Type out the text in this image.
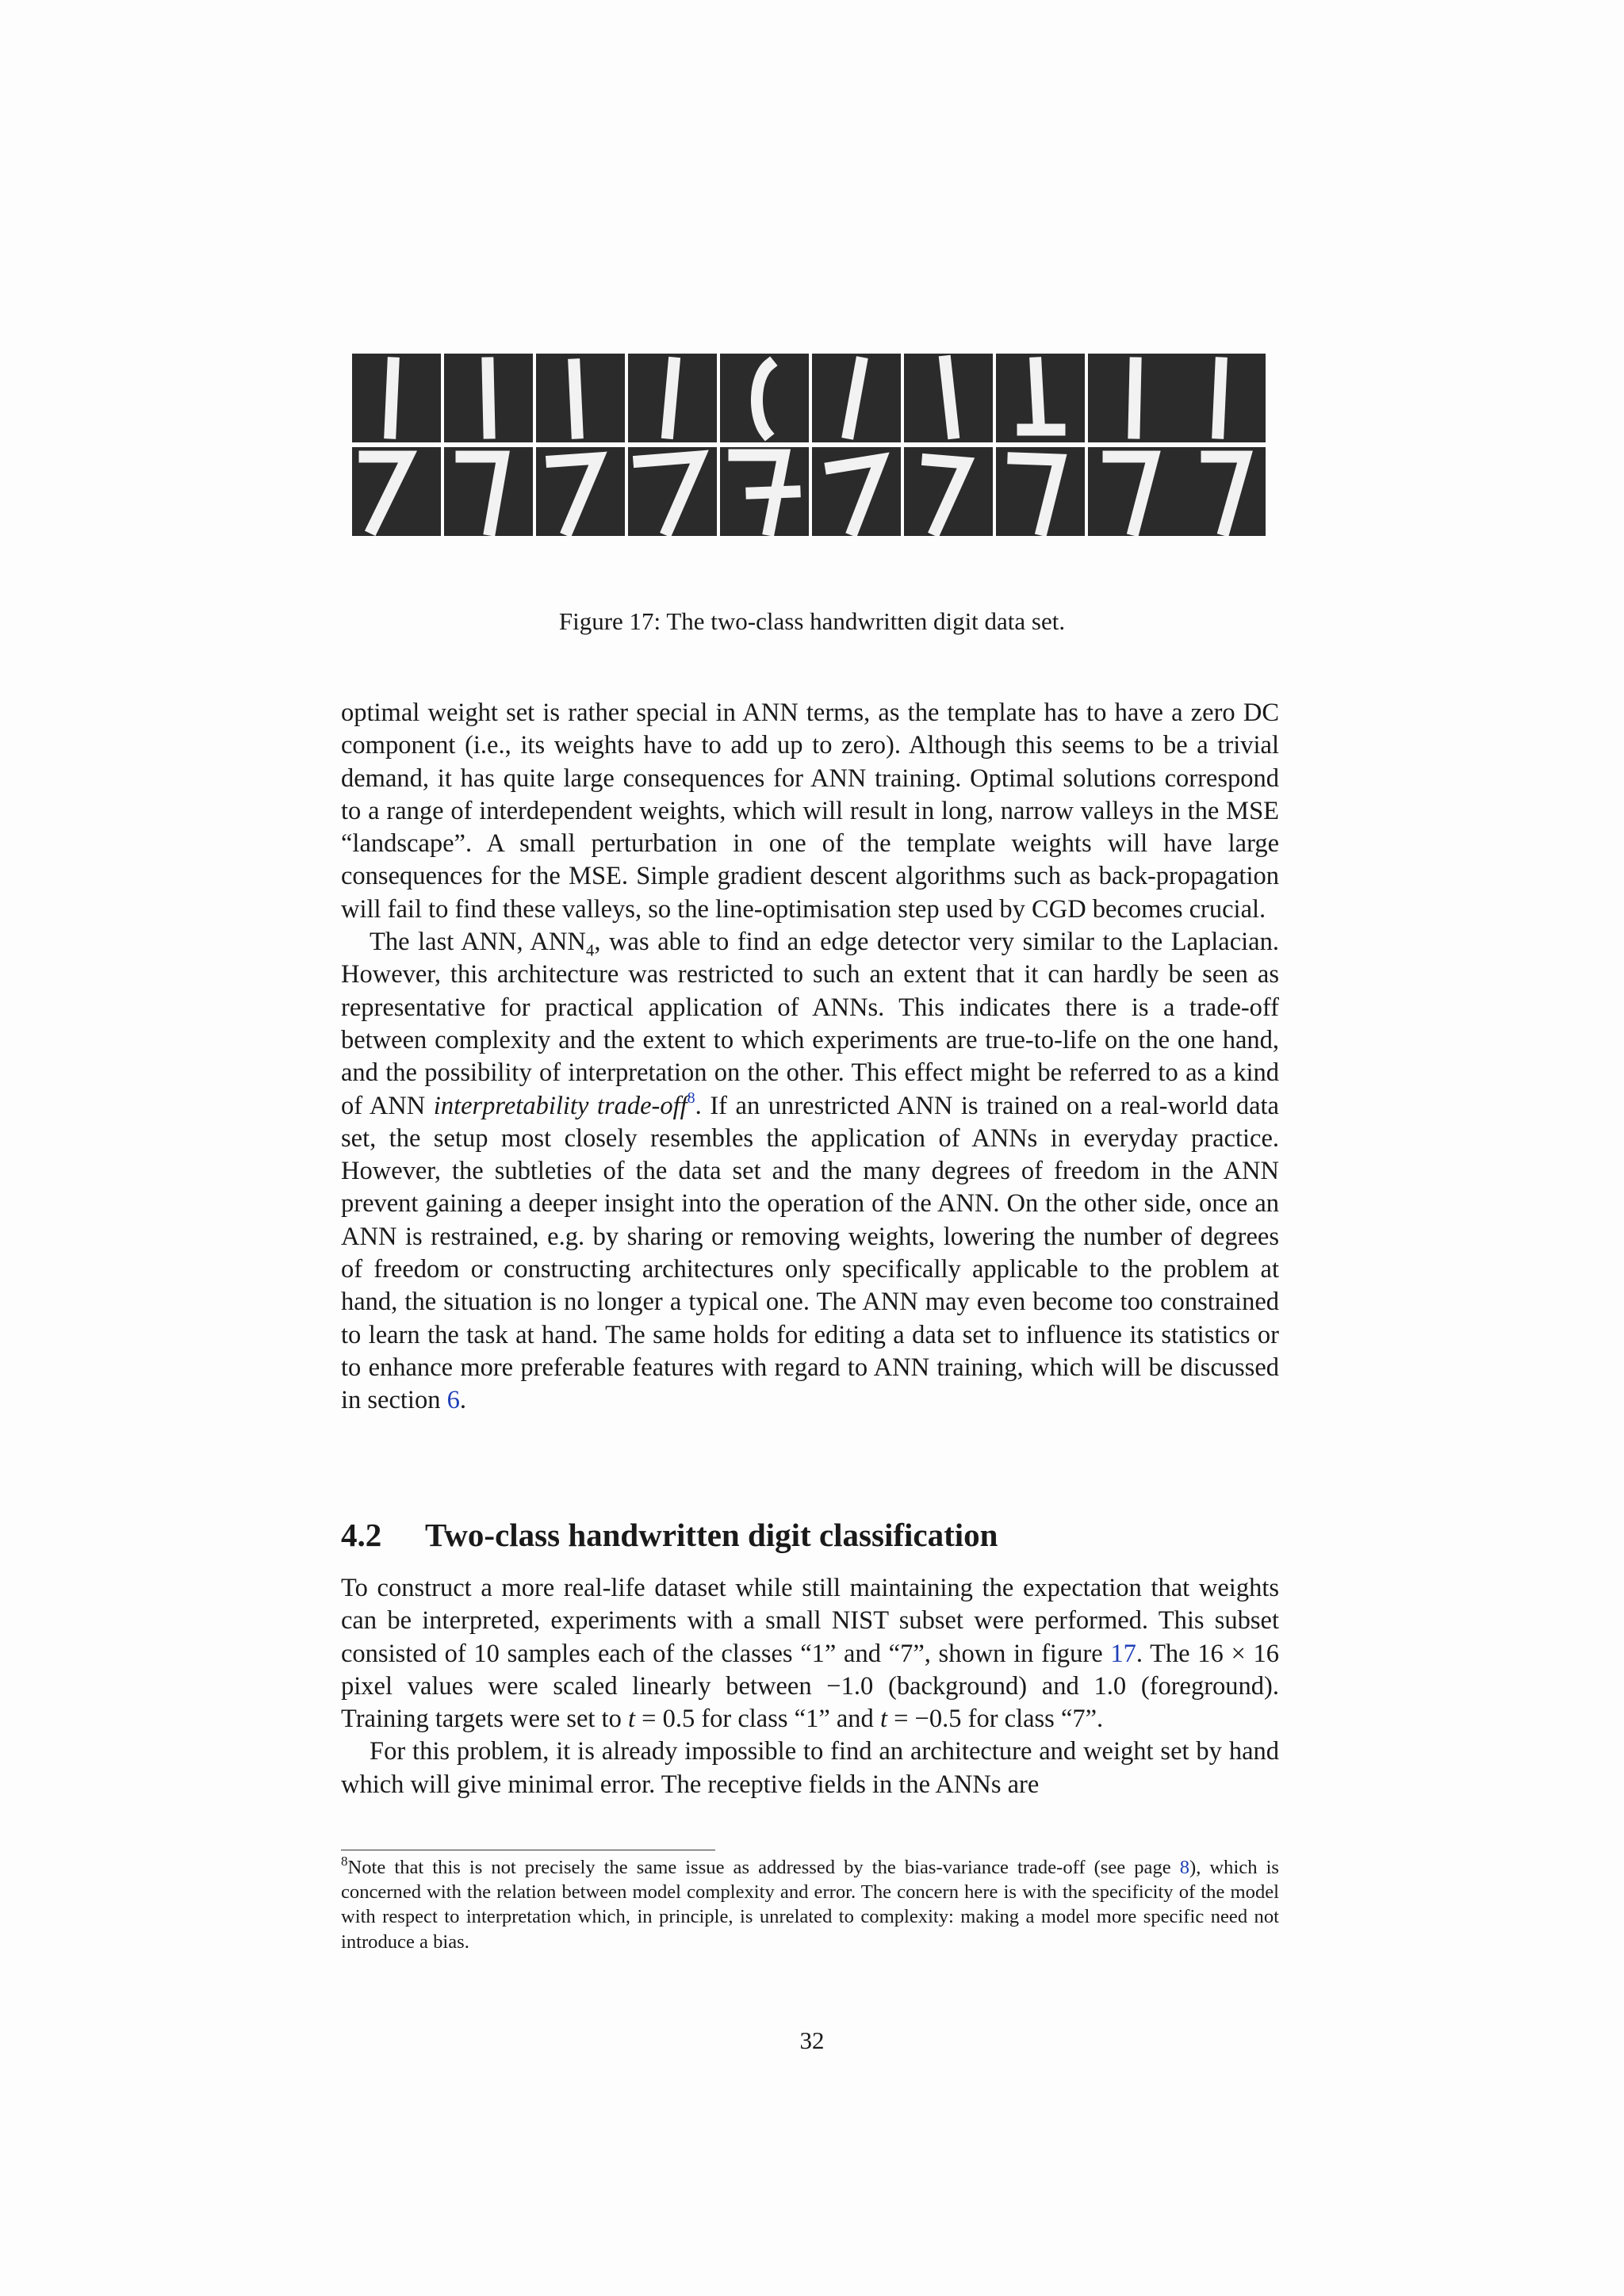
Figure 17: The two-class handwritten digit data set.

optimal weight set is rather special in ANN terms, as the template has to have a zero DC component (i.e., its weights have to add up to zero). Although this seems to be a trivial demand, it has quite large consequences for ANN training. Optimal solutions correspond to a range of interdependent weights, which will result in long, narrow valleys in the MSE “landscape”. A small perturbation in one of the template weights will have large consequences for the MSE. Simple gradient descent algorithms such as back-propagation will fail to find these valleys, so the line-optimisation step used by CGD becomes crucial.

The last ANN, $ANN_4$, was able to find an edge detector very similar to the Laplacian. However, this architecture was restricted to such an extent that it can hardly be seen as representative for practical application of ANNs. This indicates there is a trade-off between complexity and the extent to which experiments are true-to-life on the one hand, and the possibility of interpretation on the other. This effect might be referred to as a kind of ANN interpretability trade-off$^8$. If an unrestricted ANN is trained on a real-world data set, the setup most closely resembles the application of ANNs in everyday practice. However, the subtleties of the data set and the many degrees of freedom in the ANN prevent gaining a deeper insight into the operation of the ANN. On the other side, once an ANN is restrained, e.g. by sharing or removing weights, lowering the number of degrees of freedom or constructing architectures only specifically applicable to the problem at hand, the situation is no longer a typical one. The ANN may even become too constrained to learn the task at hand. The same holds for editing a data set to influence its statistics or to enhance more preferable features with regard to ANN training, which will be discussed in section 6.

4.2 Two-class handwritten digit classification

To construct a more real-life dataset while still maintaining the expectation that weights can be interpreted, experiments with a small NIST subset were performed. This subset consisted of 10 samples each of the classes “1” and “7”, shown in figure 17. The 16 × 16 pixel values were scaled linearly between −1.0 (background) and 1.0 (foreground). Training targets were set to t = 0.5 for class “1” and t = −0.5 for class “7”.

For this problem, it is already impossible to find an architecture and weight set by hand which will give minimal error. The receptive fields in the ANNs are

$^8$Note that this is not precisely the same issue as addressed by the bias-variance trade-off (see page 8), which is concerned with the relation between model complexity and error. The concern here is with the specificity of the model with respect to interpretation which, in principle, is unrelated to complexity: making a model more specific need not introduce a bias.
32
